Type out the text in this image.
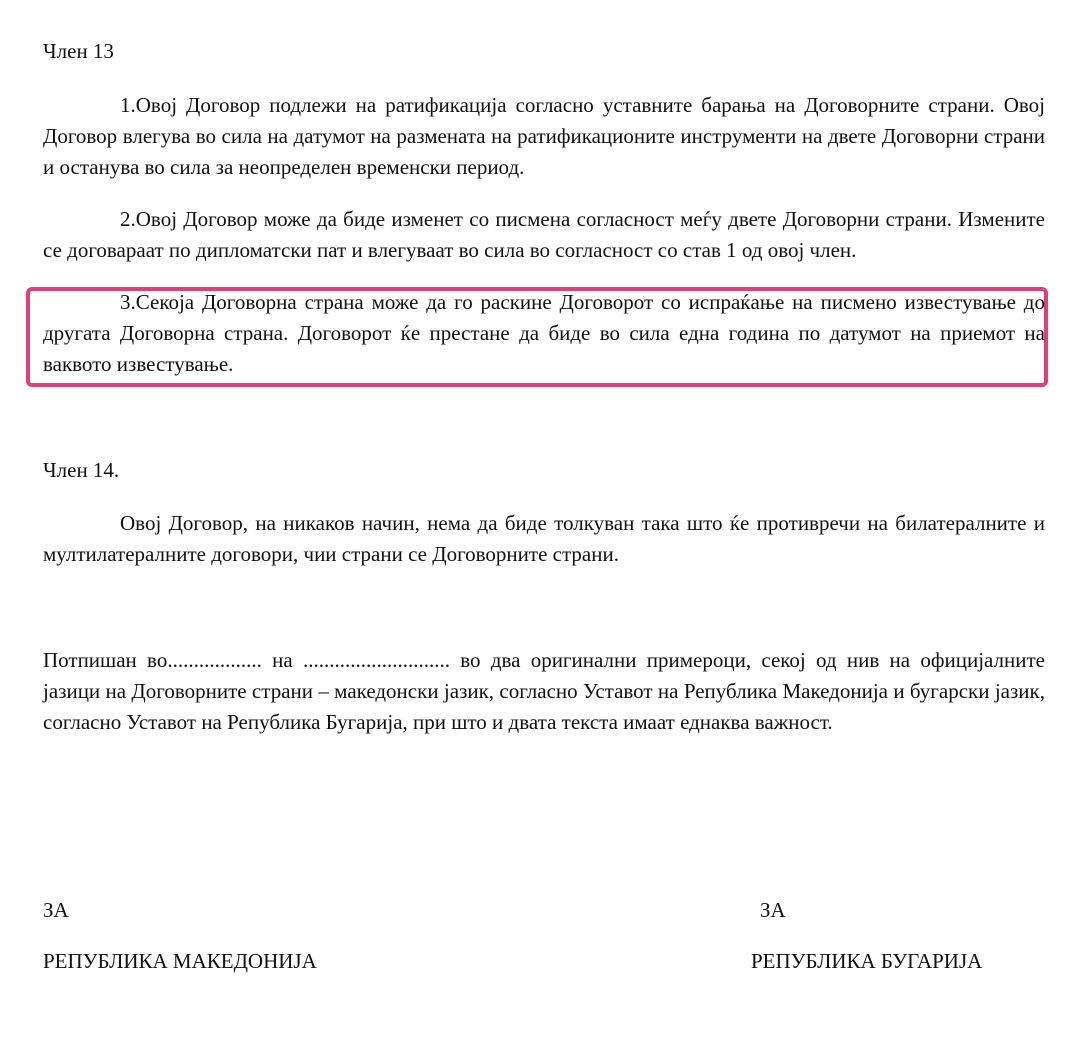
Член 13
1.Овој Договор подлежи на ратификација согласно уставните барања на Договорните страни. Овој Договор влегува во сила на датумот на размената на ратификационите инструменти на двете Договорни страни и останува во сила за неопределен временски период.
2.Овој Договор може да биде изменет со писмена согласност меѓу двете Договорни страни. Измените се договараат по дипломатски пат и влегуваат во сила во согласност со став 1 од овој член.
3.Секоја Договорна страна може да го раскине Договорот со испраќање на писмено известување до другата Договорна страна. Договорот ќе престане да биде во сила една година по датумот на приемот на ваквото известување.
Член 14.
Овој Договор, на никаков начин, нема да биде толкуван така што ќе противречи на билатералните и мултилатералните договори, чии страни се Договорните страни.
Потпишан во.................. на ............................ во два оригинални примероци, секој од нив на официјалните јазици на Договорните страни – македонски јазик, согласно Уставот на Република Македонија и бугарски јазик, согласно Уставот на Република Бугарија, при што и двата текста имаат еднаква важност.
ЗА
РЕПУБЛИКА МАКЕДОНИЈА
ЗА
РЕПУБЛИКА БУГАРИЈА
